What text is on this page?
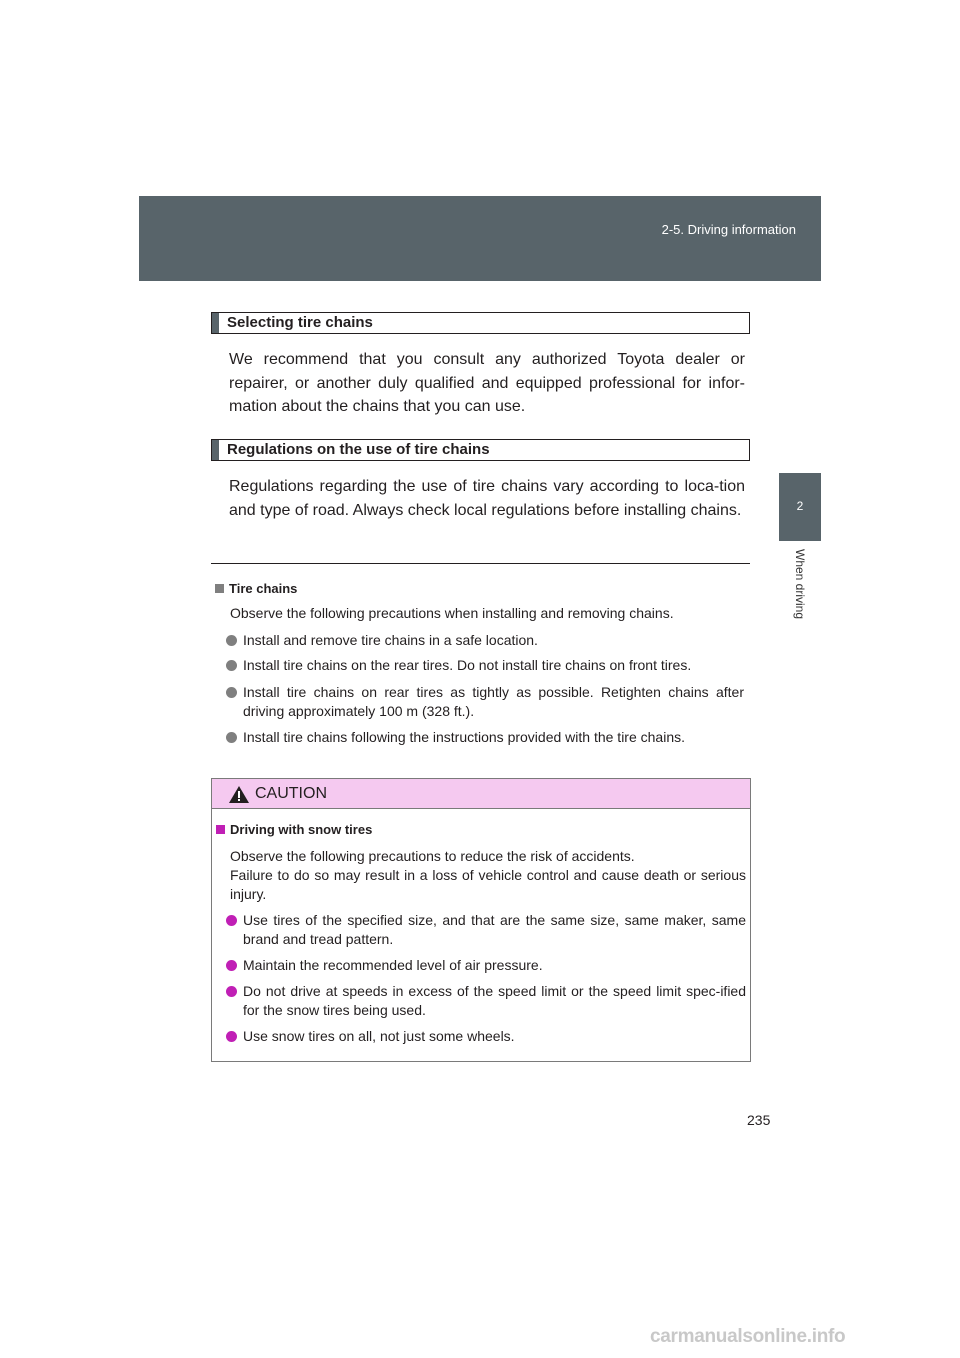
2-5. Driving information
2
When driving
Selecting tire chains
We recommend that you consult any authorized Toyota dealer or repairer, or another duly qualified and equipped professional for infor-mation about the chains that you can use.
Regulations on the use of tire chains
Regulations regarding the use of tire chains vary according to loca-tion and type of road. Always check local regulations before installing chains.
Tire chains
Observe the following precautions when installing and removing chains.
Install and remove tire chains in a safe location.
Install tire chains on the rear tires. Do not install tire chains on front tires.
Install tire chains on rear tires as tightly as possible. Retighten chains after driving approximately 100 m (328 ft.).
Install tire chains following the instructions provided with the tire chains.
CAUTION
Driving with snow tires
Observe the following precautions to reduce the risk of accidents.
Failure to do so may result in a loss of vehicle control and cause death or serious injury.
Use tires of the specified size, and that are the same size, same maker, same brand and tread pattern.
Maintain the recommended level of air pressure.
Do not drive at speeds in excess of the speed limit or the speed limit spec-ified for the snow tires being used.
Use snow tires on all, not just some wheels.
235
carmanualsonline.info
